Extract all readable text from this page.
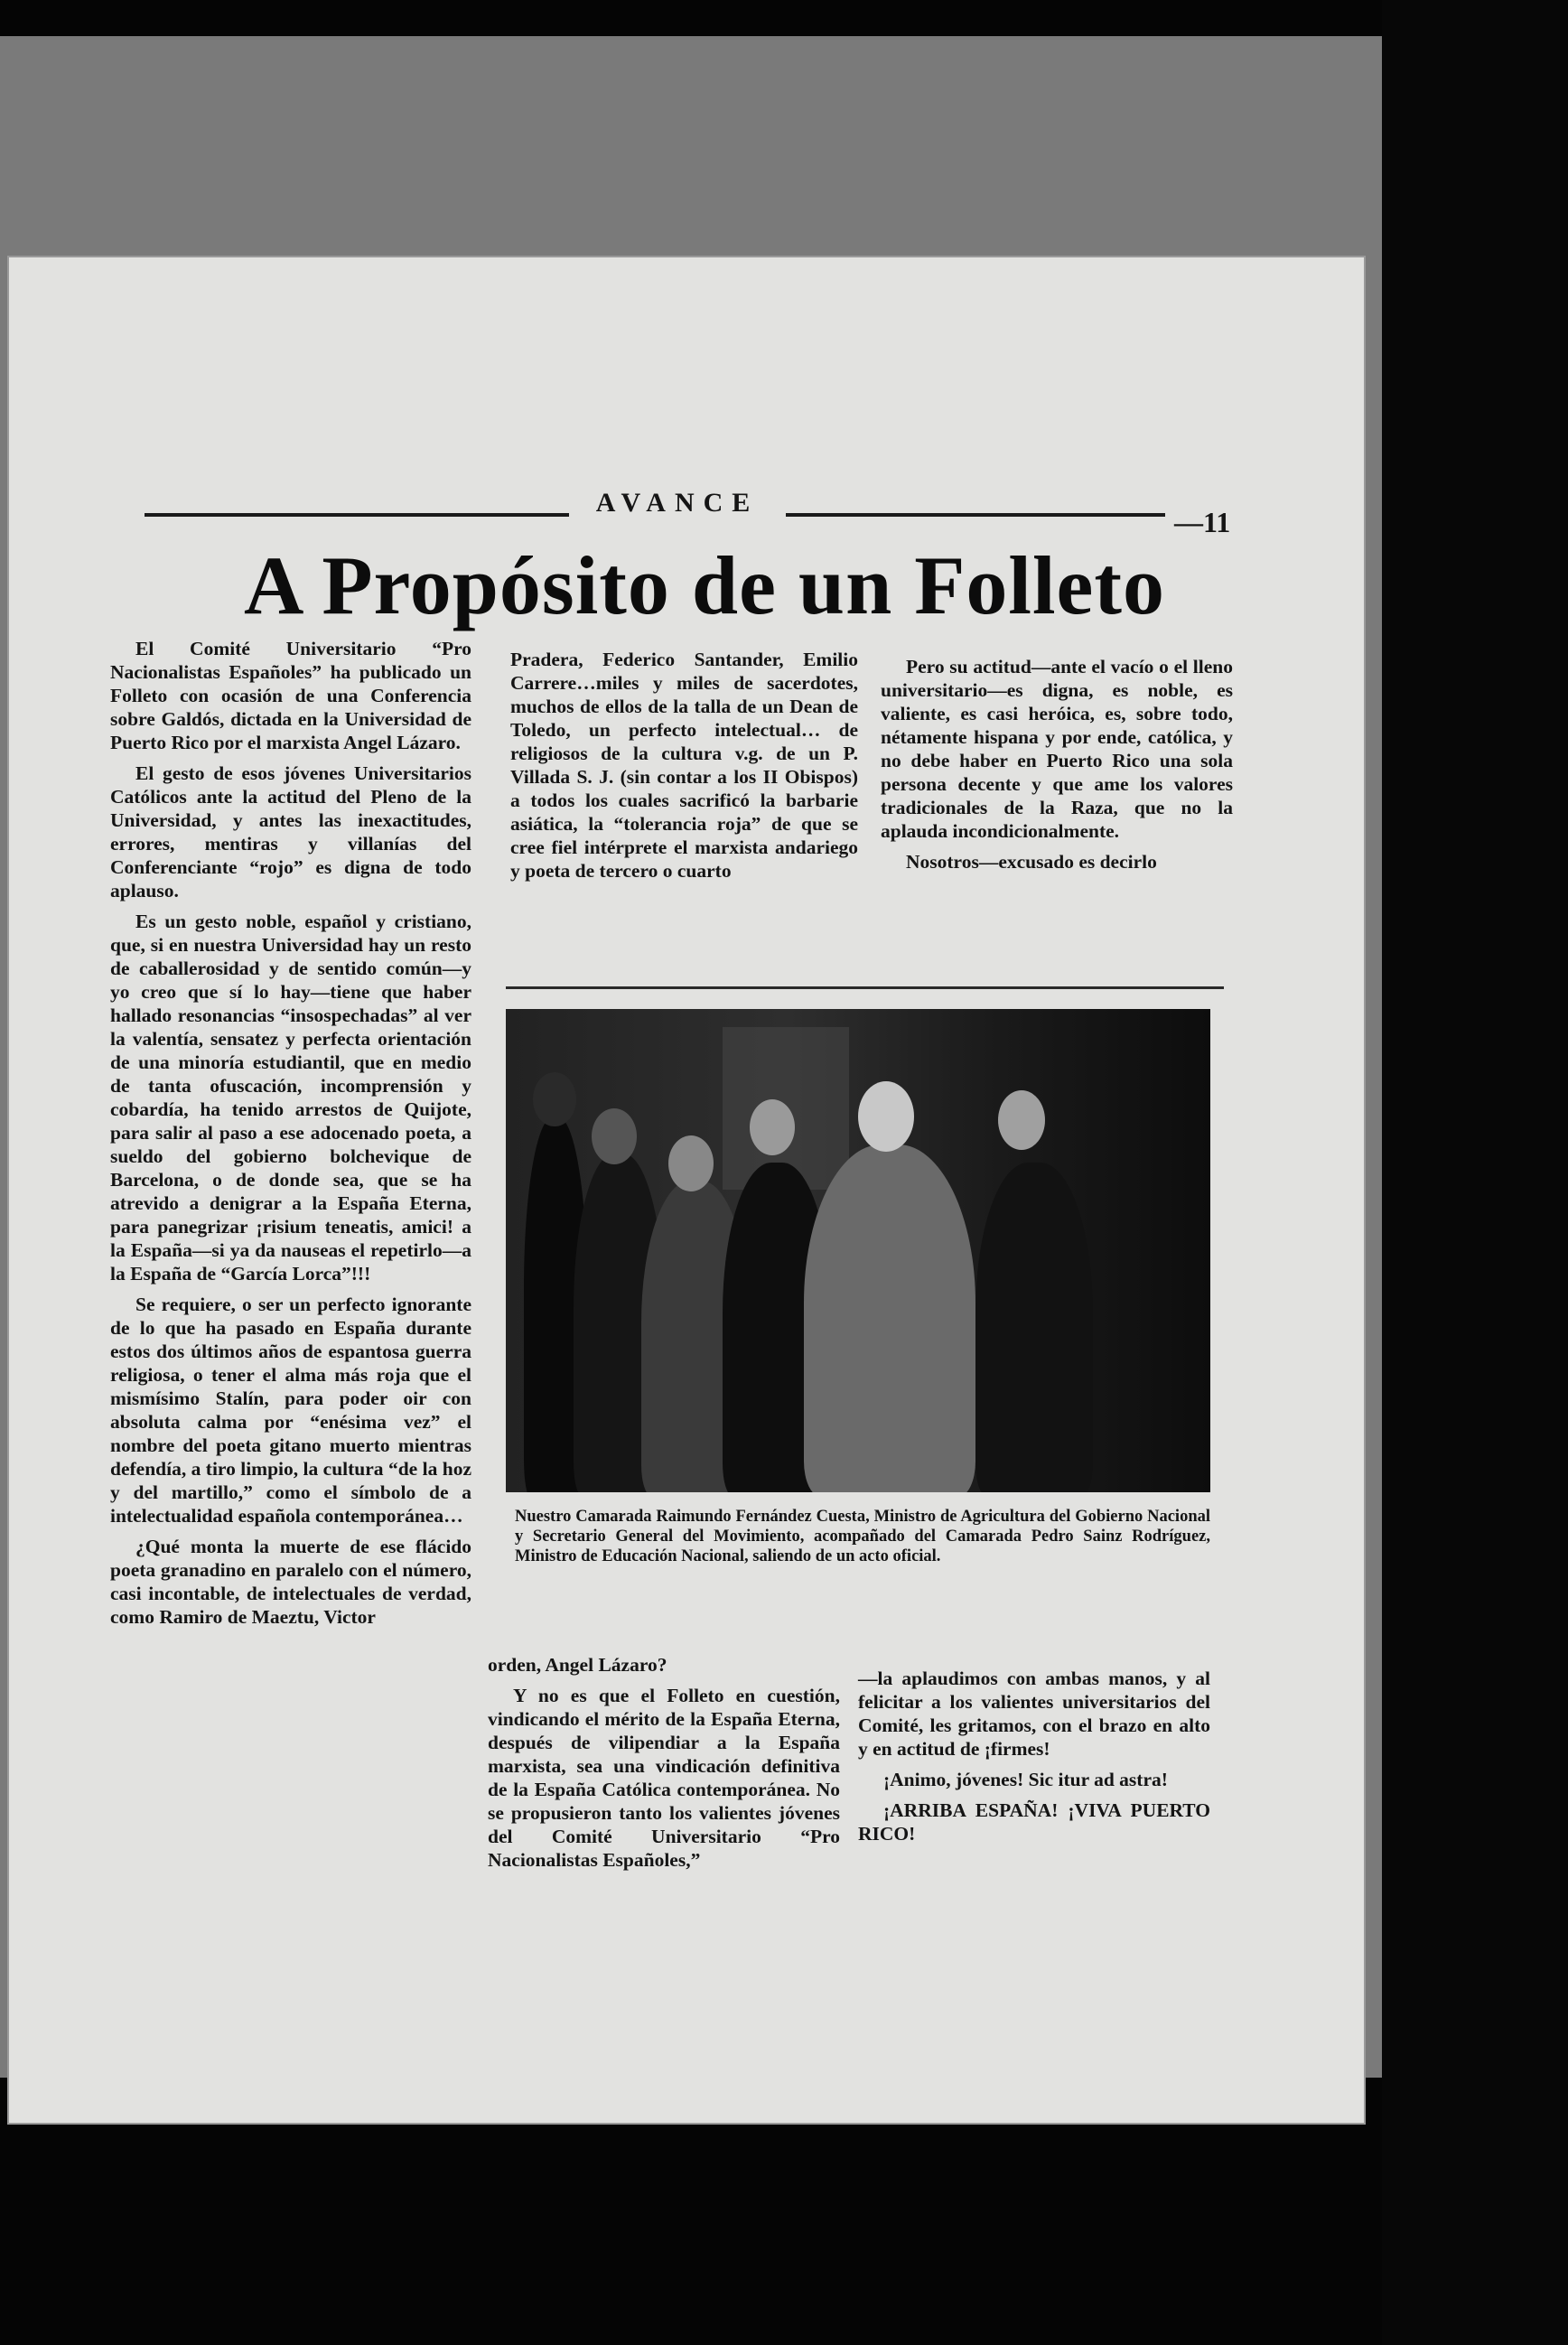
AVANCE
—11
A Propósito de un Folleto

El Comité Universitario “Pro Nacionalistas Españoles” ha publicado un Folleto con ocasión de una Conferencia sobre Galdós, dictada en la Universidad de Puerto Rico por el marxista Angel Lázaro.

El gesto de esos jóvenes Universitarios Católicos ante la actitud del Pleno de la Universidad, y antes las inexactitudes, errores, mentiras y villanías del Conferenciante “rojo” es digna de todo aplauso.

Es un gesto noble, español y cristiano, que, si en nuestra Universidad hay un resto de caballerosidad y de sentido común—y yo creo que sí lo hay—tiene que haber hallado resonancias “insospechadas” al ver la valentía, sensatez y perfecta orientación de una minoría estudiantil, que en medio de tanta ofuscación, incomprensión y cobardía, ha tenido arrestos de Quijote, para salir al paso a ese adocenado poeta, a sueldo del gobierno bolchevique de Barcelona, o de donde sea, que se ha atrevido a denigrar a la España Eterna, para panegrizar ¡risium teneatis, amici! a la España—si ya da nauseas el repetirlo—a la España de “García Lorca”!!!

Se requiere, o ser un perfecto ignorante de lo que ha pasado en España durante estos dos últimos años de espantosa guerra religiosa, o tener el alma más roja que el mismísimo Stalín, para poder oir con absoluta calma por “enésima vez” el nombre del poeta gitano muerto mientras defendía, a tiro limpio, la cultura “de la hoz y del martillo,” como el símbolo de a intelectualidad española contemporánea…

¿Qué monta la muerte de ese flácido poeta granadino en paralelo con el número, casi incontable, de intelectuales de verdad, como Ramiro de Maeztu, Victor

Pradera, Federico Santander, Emilio Carrere…miles y miles de sacerdotes, muchos de ellos de la talla de un Dean de Toledo, un perfecto intelectual… de religiosos de la cultura v.g. de un P. Villada S. J. (sin contar a los II Obispos) a todos los cuales sacrificó la barbarie asiática, la “tolerancia roja” de que se cree fiel intérprete el marxista andariego y poeta de tercero o cuarto

Pero su actitud—ante el vacío o el lleno universitario—es digna, es noble, es valiente, es casi heróica, es, sobre todo, nétamente hispana y por ende, católica, y no debe haber en Puerto Rico una sola persona decente y que ame los valores tradicionales de la Raza, que no la aplauda incondicionalmente.

Nosotros—excusado es decirlo

Nuestro Camarada Raimundo Fernández Cuesta, Ministro de Agricultura del Gobierno Nacional y Secretario General del Movimiento, acompañado del Camarada Pedro Sainz Rodríguez, Ministro de Educación Nacional, saliendo de un acto oficial.

orden, Angel Lázaro?

Y no es que el Folleto en cuestión, vindicando el mérito de la España Eterna, después de vilipendiar a la España marxista, sea una vindicación definitiva de la España Católica contemporánea. No se propusieron tanto los valientes jóvenes del Comité Universitario “Pro Nacionalistas Españoles,”

—la aplaudimos con ambas manos, y al felicitar a los valientes universitarios del Comité, les gritamos, con el brazo en alto y en actitud de ¡firmes!

¡Animo, jóvenes! Sic itur ad astra!

¡ARRIBA ESPAÑA! ¡VIVA PUERTO RICO!
